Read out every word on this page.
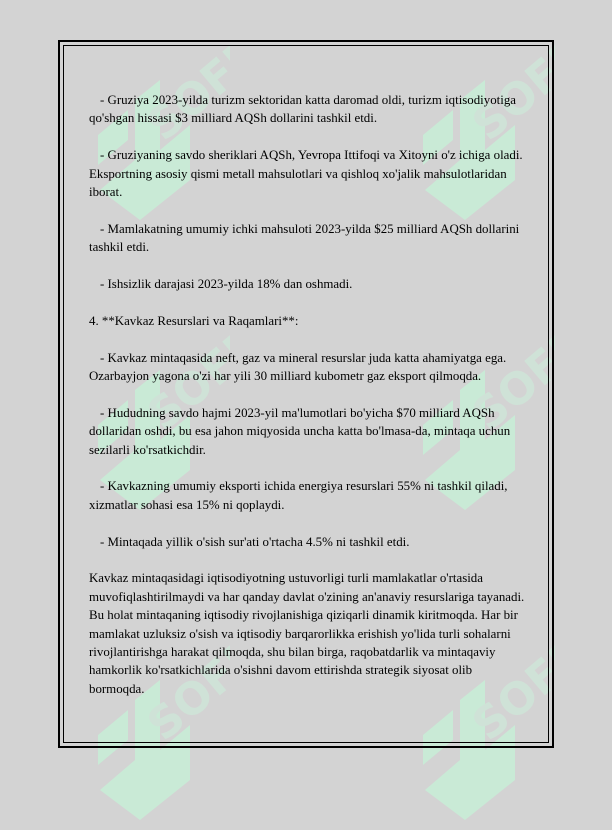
- Gruziya 2023-yilda turizm sektoridan katta daromad oldi, turizm iqtisodiyotiga qo'shgan hissasi $3 milliard AQSh dollarini tashkil etdi.

- Gruziyaning savdo sheriklari AQSh, Yevropa Ittifoqi va Xitoyni o'z ichiga oladi. Eksportning asosiy qismi metall mahsulotlari va qishloq xo'jalik mahsulotlaridan iborat.

- Mamlakatning umumiy ichki mahsuloti 2023-yilda $25 milliard AQSh dollarini tashkil etdi.

- Ishsizlik darajasi 2023-yilda 18% dan oshmadi.

4. **Kavkaz Resurslari va Raqamlari**:

- Kavkaz mintaqasida neft, gaz va mineral resurslar juda katta ahamiyatga ega. Ozarbayjon yagona o'zi har yili 30 milliard kubometr gaz eksport qilmoqda.

- Hududning savdo hajmi 2023-yil ma'lumotlari bo'yicha $70 milliard AQSh dollaridan oshdi, bu esa jahon miqyosida uncha katta bo'lmasa-da, mintaqa uchun sezilarli ko'rsatkichdir.

- Kavkazning umumiy eksporti ichida energiya resurslari 55% ni tashkil qiladi, xizmatlar sohasi esa 15% ni qoplaydi.

- Mintaqada yillik o'sish sur'ati o'rtacha 4.5% ni tashkil etdi.

Kavkaz mintaqasidagi iqtisodiyotning ustuvorligi turli mamlakatlar o'rtasida muvofiqlashtirilmaydi va har qanday davlat o'zining an'anaviy resurslariga tayanadi. Bu holat mintaqaning iqtisodiy rivojlanishiga qiziqarli dinamik kiritmoqda. Har bir mamlakat uzluksiz o'sish va iqtisodiy barqarorlikka erishish yo'lida turli sohalarni rivojlantirishga harakat qilmoqda, shu bilan birga, raqobatdarlik va mintaqaviy hamkorlik ko'rsatkichlarida o'sishni davom ettirishda strategik siyosat olib bormoqda.
